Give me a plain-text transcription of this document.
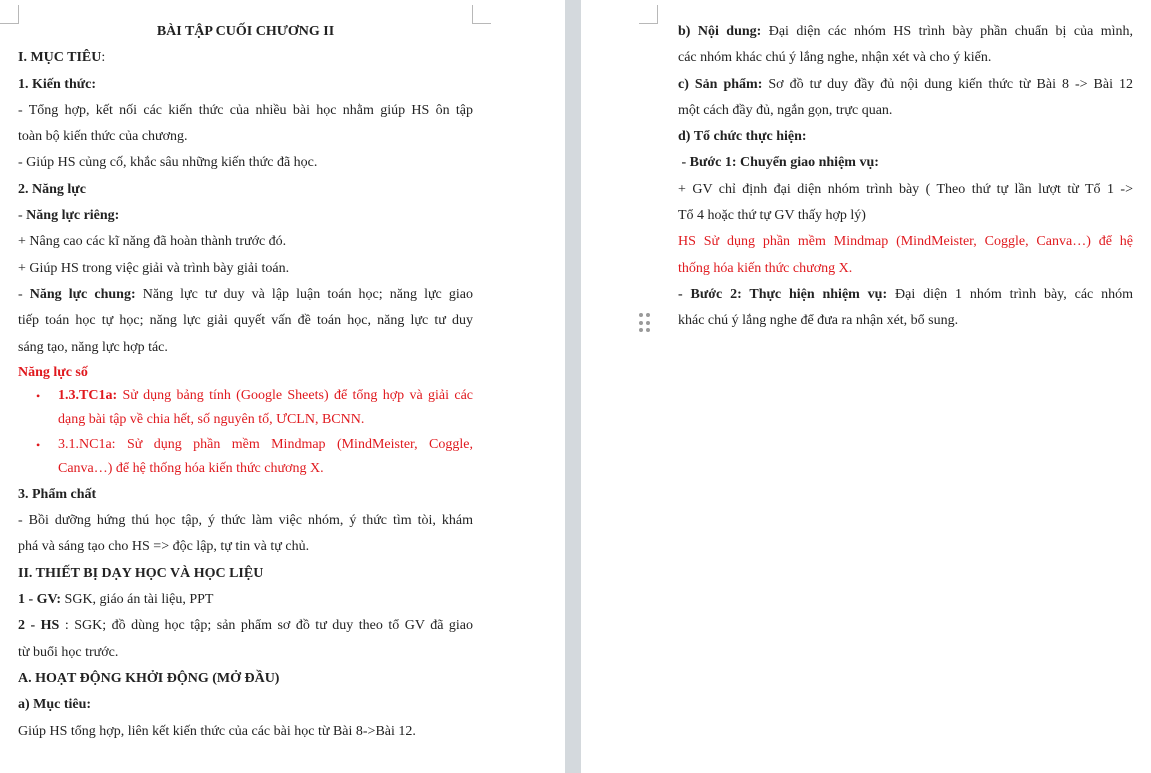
BÀI TẬP CUỐI CHƯƠNG II
I. MỤC TIÊU:
1. Kiến thức:
- Tổng hợp, kết nối các kiến thức của nhiều bài học nhằm giúp HS ôn tập
toàn bộ kiến thức của chương.
- Giúp HS củng cố, khắc sâu những kiến thức đã học.
2. Năng lực
- Năng lực riêng:
+ Nâng cao các kĩ năng đã hoàn thành trước đó.
+ Giúp HS trong việc giải và trình bày giải toán.
- Năng lực chung: Năng lực tư duy và lập luận toán học; năng lực giao
tiếp toán học tự học; năng lực giải quyết vấn đề toán học, năng lực tư duy
sáng tạo, năng lực hợp tác.
Năng lực số
• 1.3.TC1a: Sử dụng bảng tính (Google Sheets) để tổng hợp và giải các
dạng bài tập về chia hết, số nguyên tố, ƯCLN, BCNN.
• 3.1.NC1a: Sử dụng phần mềm Mindmap (MindMeister, Coggle,
Canva…) để hệ thống hóa kiến thức chương X.
3. Phẩm chất
- Bồi dưỡng hứng thú học tập, ý thức làm việc nhóm, ý thức tìm tòi, khám
phá và sáng tạo cho HS => độc lập, tự tin và tự chủ.
II. THIẾT BỊ DẠY HỌC VÀ HỌC LIỆU
1 - GV: SGK, giáo án tài liệu, PPT
2 - HS : SGK; đồ dùng học tập; sản phẩm sơ đồ tư duy theo tổ GV đã giao
từ buổi học trước.
A. HOẠT ĐỘNG KHỞI ĐỘNG (MỞ ĐẦU)
a) Mục tiêu:
Giúp HS tổng hợp, liên kết kiến thức của các bài học từ Bài 8->Bài 12.
b) Nội dung: Đại diện các nhóm HS trình bày phần chuẩn bị của mình,
các nhóm khác chú ý lắng nghe, nhận xét và cho ý kiến.
c) Sản phẩm: Sơ đồ tư duy đầy đủ nội dung kiến thức từ Bài 8 -> Bài 12
một cách đầy đủ, ngắn gọn, trực quan.
d) Tổ chức thực hiện:
- Bước 1: Chuyển giao nhiệm vụ:
+ GV chỉ định đại diện nhóm trình bày ( Theo thứ tự lần lượt từ Tổ 1 ->
Tổ 4 hoặc thứ tự GV thấy hợp lý)
HS Sử dụng phần mềm Mindmap (MindMeister, Coggle, Canva…) để hệ
thống hóa kiến thức chương X.
- Bước 2: Thực hiện nhiệm vụ: Đại diện 1 nhóm trình bày, các nhóm
khác chú ý lắng nghe để đưa ra nhận xét, bổ sung.
